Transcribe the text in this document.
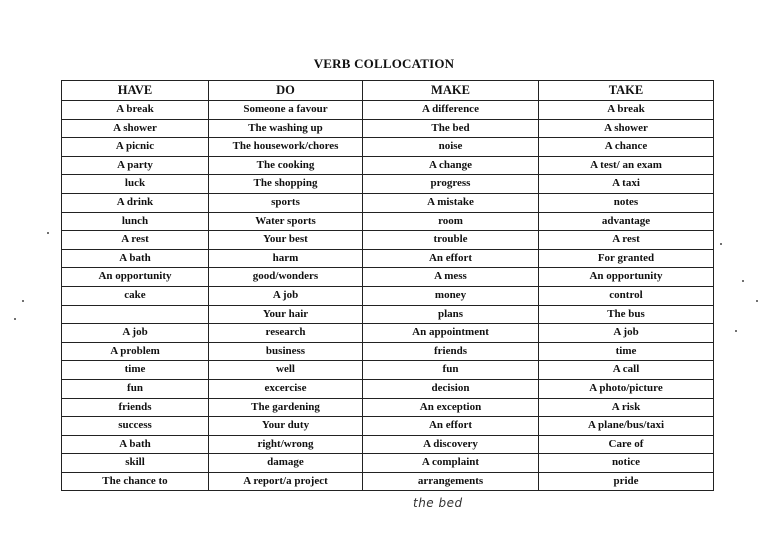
VERB COLLOCATION
HAVE	DO	MAKE	TAKE
A break	Someone a favour	A difference	A break
A shower	The washing up	The bed	A shower
A picnic	The housework/chores	noise	A chance
A party	The cooking	A change	A test/ an exam
luck	The shopping	progress	A taxi
A drink	sports	A mistake	notes
lunch	Water sports	room	advantage
A rest	Your best	trouble	A rest
A bath	harm	An effort	For granted
An opportunity	good/wonders	A mess	An opportunity
cake	A job	money	control
	Your hair	plans	The bus
A job	research	An appointment	A job
A problem	business	friends	time
time	well	fun	A call
fun	excercise	decision	A photo/picture
friends	The gardening	An exception	A risk
success	Your duty	An effort	A plane/bus/taxi
A bath	right/wrong	A discovery	Care of
skill	damage	A complaint	notice
The chance to	A report/a project	arrangements	pride
the bed
